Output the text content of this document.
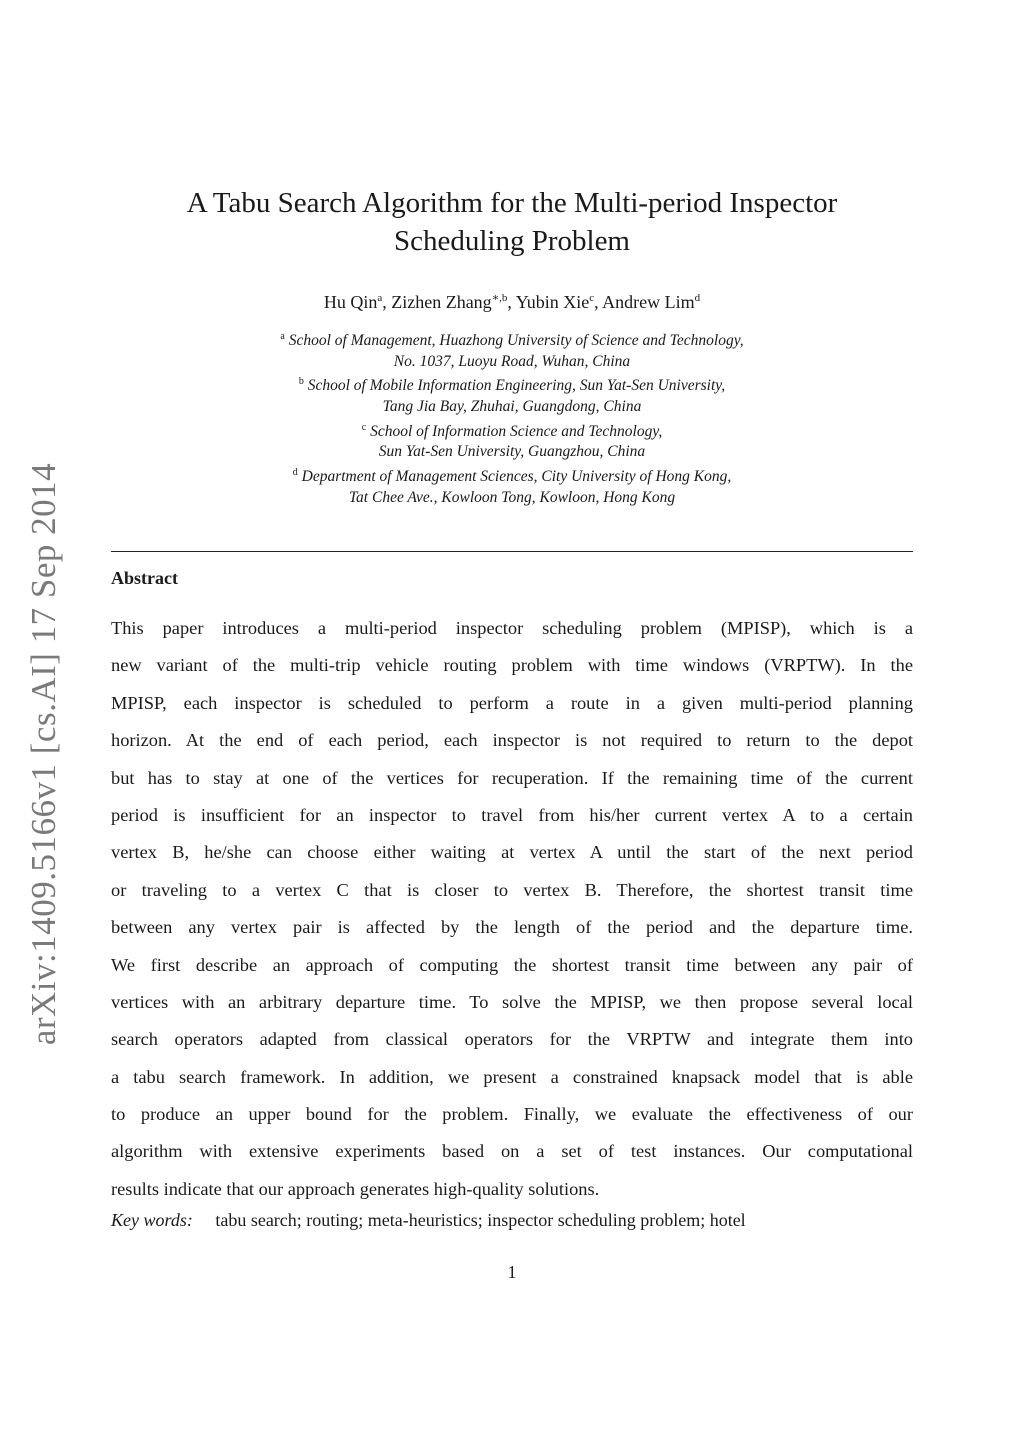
arXiv:1409.5166v1 [cs.AI] 17 Sep 2014
A Tabu Search Algorithm for the Multi-period Inspector
Scheduling Problem
Hu Qin$^a$, Zizhen Zhang$^{∗,b}$, Yubin Xie$^c$, Andrew Lim$^d$
$^a$ School of Management, Huazhong University of Science and Technology,
No. 1037, Luoyu Road, Wuhan, China
$^b$ School of Mobile Information Engineering, Sun Yat-Sen University,
Tang Jia Bay, Zhuhai, Guangdong, China
$^c$ School of Information Science and Technology,
Sun Yat-Sen University, Guangzhou, China
$^d$ Department of Management Sciences, City University of Hong Kong,
Tat Chee Ave., Kowloon Tong, Kowloon, Hong Kong
Abstract
This paper introduces a multi-period inspector scheduling problem (MPISP), which is a
new variant of the multi-trip vehicle routing problem with time windows (VRPTW). In the
MPISP, each inspector is scheduled to perform a route in a given multi-period planning
horizon. At the end of each period, each inspector is not required to return to the depot
but has to stay at one of the vertices for recuperation. If the remaining time of the current
period is insufficient for an inspector to travel from his/her current vertex A to a certain
vertex B, he/she can choose either waiting at vertex A until the start of the next period
or traveling to a vertex C that is closer to vertex B. Therefore, the shortest transit time
between any vertex pair is affected by the length of the period and the departure time.
We first describe an approach of computing the shortest transit time between any pair of
vertices with an arbitrary departure time. To solve the MPISP, we then propose several local
search operators adapted from classical operators for the VRPTW and integrate them into
a tabu search framework. In addition, we present a constrained knapsack model that is able
to produce an upper bound for the problem. Finally, we evaluate the effectiveness of our
algorithm with extensive experiments based on a set of test instances. Our computational
results indicate that our approach generates high-quality solutions.
Key words: tabu search; routing; meta-heuristics; inspector scheduling problem; hotel
1
